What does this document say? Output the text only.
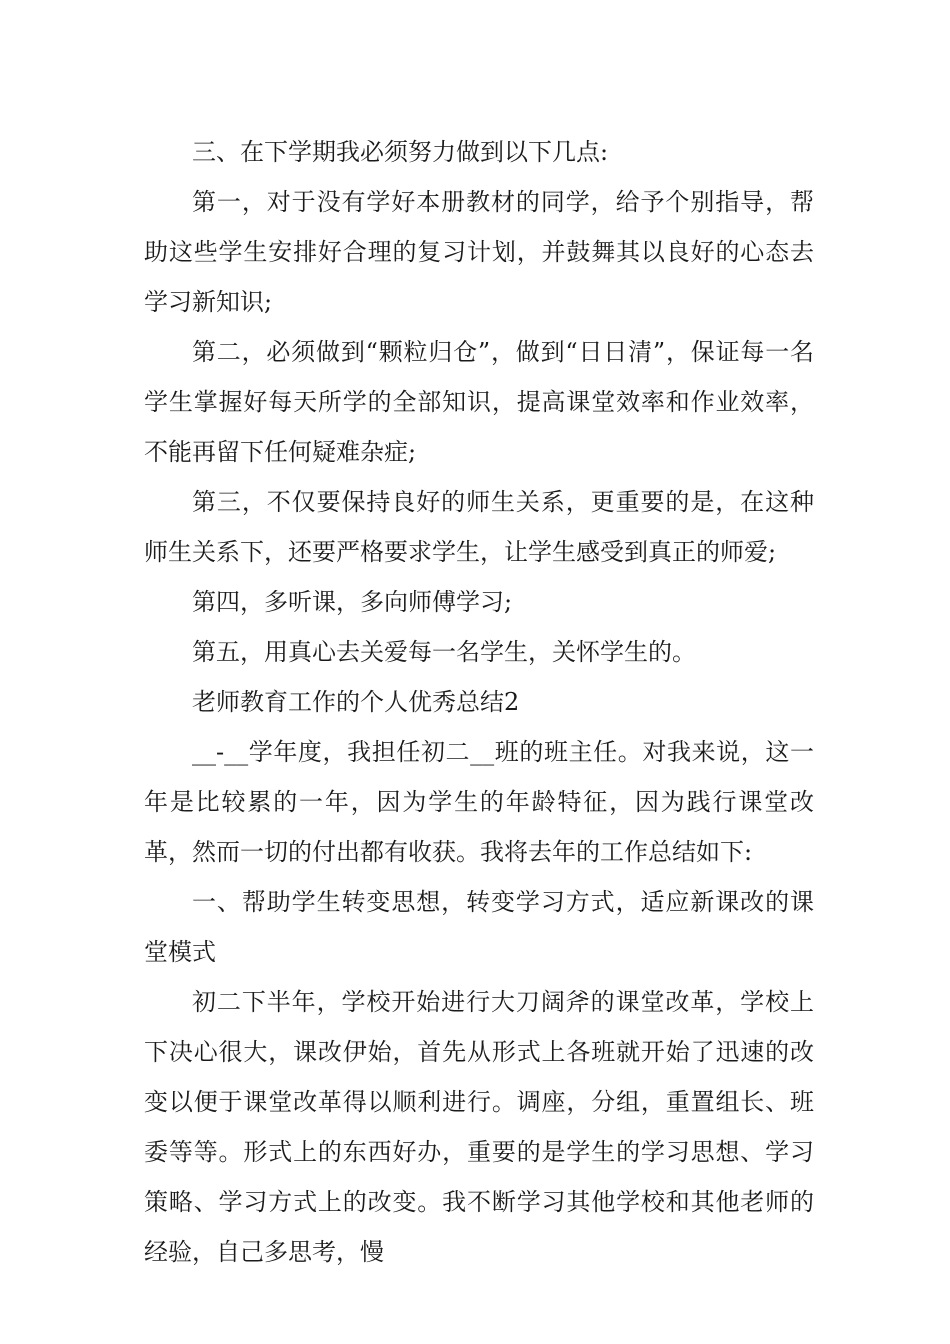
三、在下学期我必须努力做到以下几点:

第一，对于没有学好本册教材的同学，给予个别指导，帮助这些学生安排好合理的复习计划，并鼓舞其以良好的心态去学习新知识;

第二，必须做到“颗粒归仓”，做到“日日清”，保证每一名学生掌握好每天所学的全部知识，提高课堂效率和作业效率，不能再留下任何疑难杂症;

第三，不仅要保持良好的师生关系，更重要的是，在这种师生关系下，还要严格要求学生，让学生感受到真正的师爱;

第四，多听课，多向师傅学习;

第五，用真心去关爱每一名学生，关怀学生的。

老师教育工作的个人优秀总结2

__-__学年度，我担任初二__班的班主任。对我来说，这一年是比较累的一年，因为学生的年龄特征，因为践行课堂改革，然而一切的付出都有收获。我将去年的工作总结如下:

一、帮助学生转变思想，转变学习方式，适应新课改的课堂模式

初二下半年，学校开始进行大刀阔斧的课堂改革，学校上下决心很大，课改伊始，首先从形式上各班就开始了迅速的改变以便于课堂改革得以顺利进行。调座，分组，重置组长、班委等等。形式上的东西好办，重要的是学生的学习思想、学习策略、学习方式上的改变。我不断学习其他学校和其他老师的经验，自己多思考，慢
